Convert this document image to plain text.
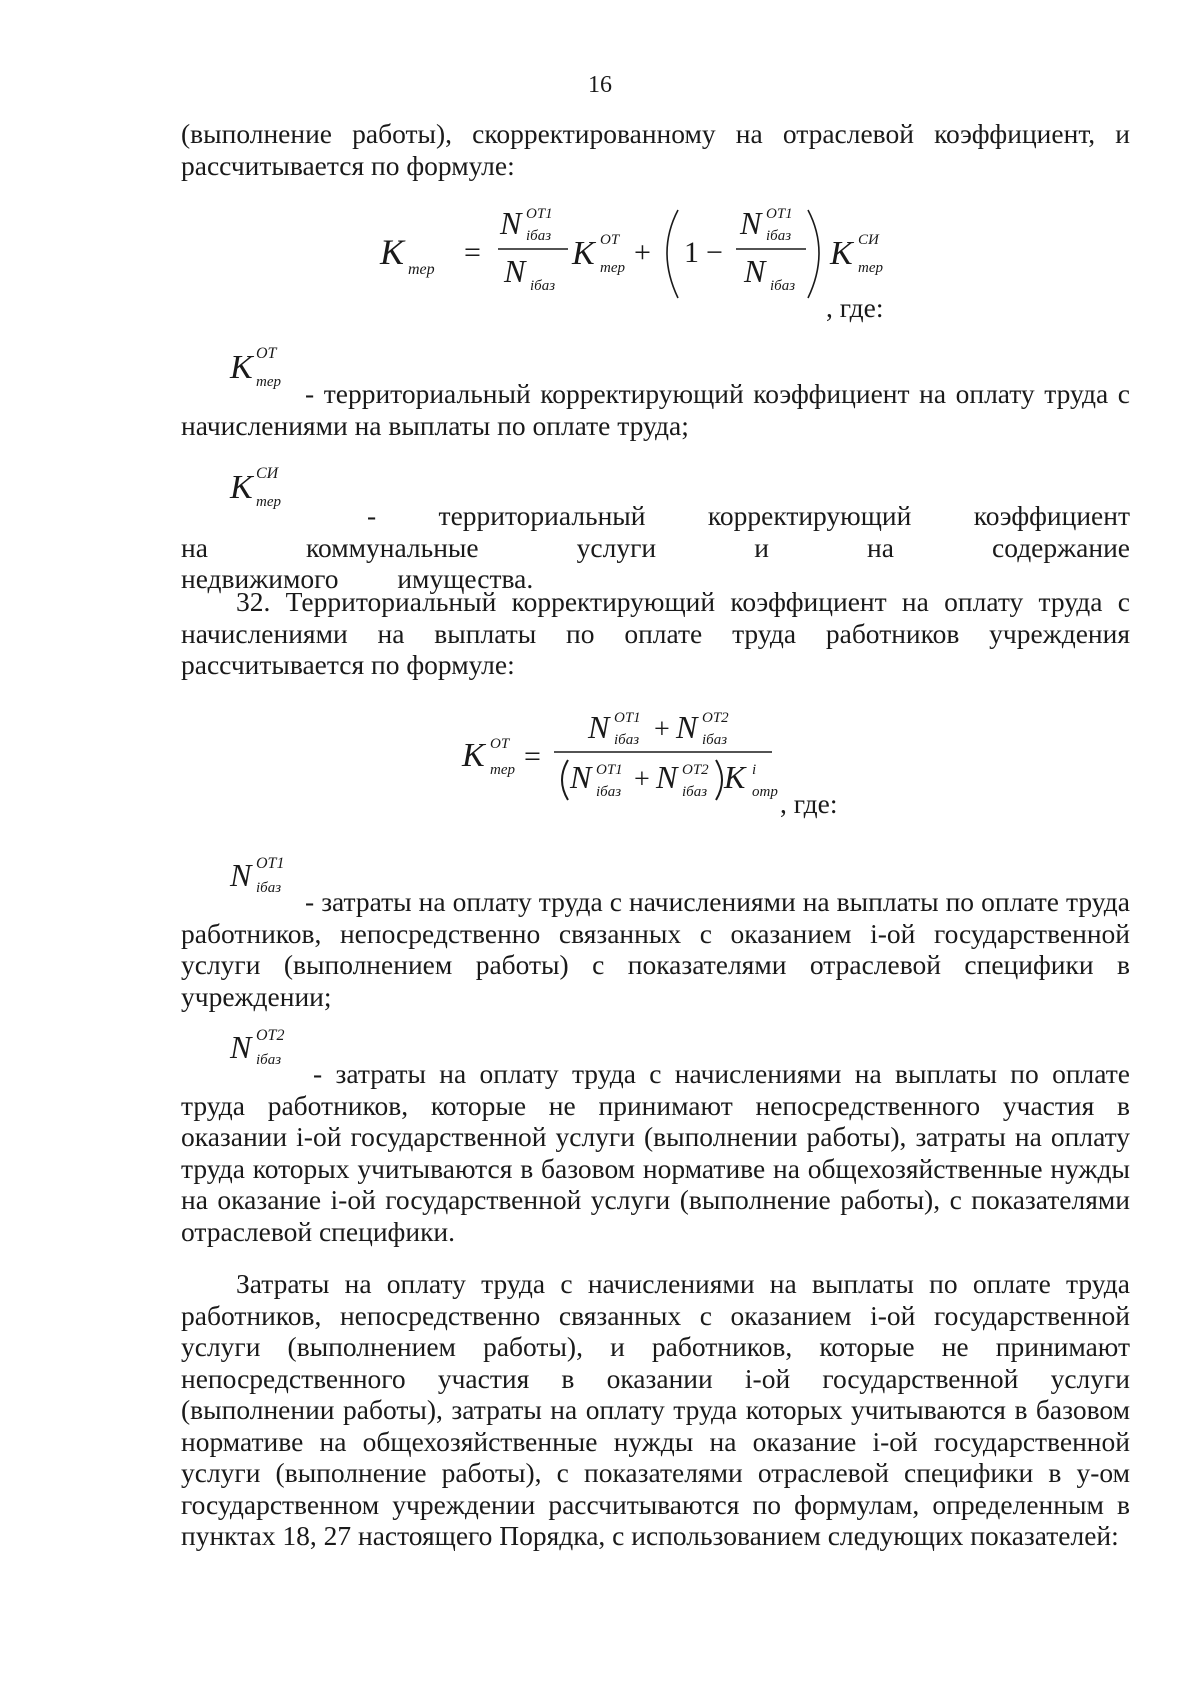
16

(выполнение работы), скорректированному на отраслевой коэффициент, и рассчитывается по формуле:

K тер
=
N ОТ1
iбаз
N iбаз
K ОТ
тер + 1 −
N ОТ1
iбаз
N iбаз
K СИ
тер
, где:
K ОТ
тер - территориальный корректирующий коэффициент на оплату труда с начислениями на выплаты по оплате труда;

K СИ
тер	- территориальный корректирующий коэффициент на коммунальные услуги и на содержание недвижимого имущества.

32. Территориальный корректирующий коэффициент на оплату труда с начислениями на выплаты по оплате труда работников учреждения рассчитывается по формуле:

K ОТ
тер =
N ОТ1
iбаз + N ОТ2
iбаз
N ОТ1
iбаз + N ОТ2
iбаз K i
отр , где:
N ОТ1
iбаз - затраты на оплату труда с начислениями на выплаты по оплате труда работников, непосредственно связанных с оказанием i-ой государственной услуги (выполнением работы) с показателями отраслевой специфики в учреждении;

N ОТ2
iбаз	- затраты на оплату труда с начислениями на выплаты по оплате труда работников, которые не принимают непосредственного участия в оказании i-ой государственной услуги (выполнении работы), затраты на оплату труда которых учитываются в базовом нормативе на общехозяйственные нужды на оказание i-ой государственной услуги (выполнение работы), с показателями отраслевой специфики.

Затраты на оплату труда с начислениями на выплаты по оплате труда работников, непосредственно связанных с оказанием i-ой государственной услуги (выполнением работы), и работников, которые не принимают непосредственного участия в оказании i-ой государственной услуги (выполнении работы), затраты на оплату труда которых учитываются в базовом нормативе на общехозяйственные нужды на оказание i-ой государственной услуги (выполнение работы), с показателями отраслевой специфики в у-ом государственном учреждении рассчитываются по формулам, определенным в пунктах 18, 27 настоящего Порядка, с использованием следующих показателей:
